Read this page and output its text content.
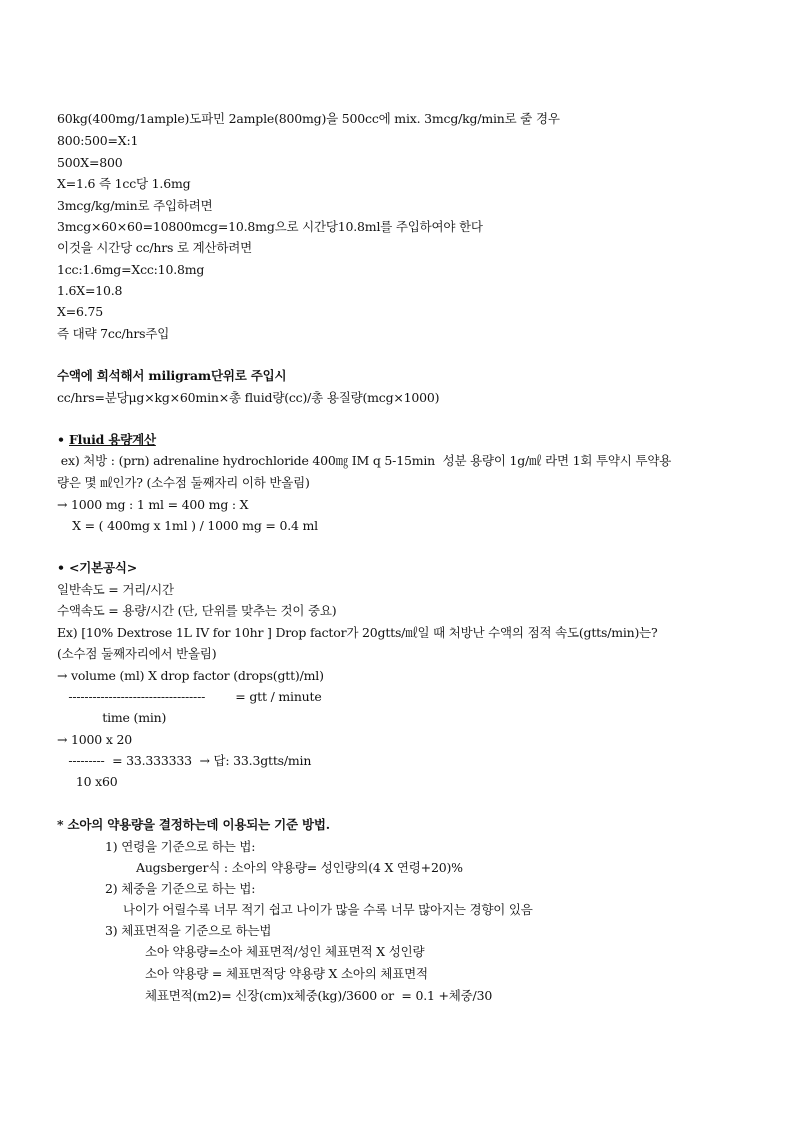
60kg(400mg/1ample)도파민 2ample(800mg)을 500cc에 mix. 3mcg/kg/min로 줄 경우
800:500=X:1
500X=800
X=1.6 즉 1cc당 1.6mg
3mcg/kg/min로 주입하려면
3mcg×60×60=10800mcg=10.8mg으로 시간당10.8ml를 주입하여야 한다
이것을 시간당 cc/hrs 로 계산하려면
1cc:1.6mg=Xcc:10.8mg
1.6X=10.8
X=6.75
즉 대략 7cc/hrs주입
수액에 희석해서 miligram단위로 주입시
cc/hrs=분당μg×kg×60min×총 fluid량(cc)/총 용질량(mcg×1000)
• Fluid 용량계산
ex) 처방 : (prn) adrenaline hydrochloride 400㎎ IM q 5-15min  성분 용량이 1g/㎖ 라면 1회 투약시 투약용
량은 몇 ㎖인가? (소수점 둘째자리 이하 반올림)
→ 1000 mg : 1 ml = 400 mg : X
X = ( 400mg x 1ml ) / 1000 mg = 0.4 ml
• <기본공식>
일반속도 = 거리/시간
수액속도 = 용량/시간 (단, 단위를 맞추는 것이 중요)
Ex) [10% Dextrose 1L IV for 10hr ] Drop factor가 20gtts/㎖일 때 처방난 수액의 점적 속도(gtts/min)는?
(소수점 둘째자리에서 반올림)
→ volume (ml) X drop factor (drops(gtt)/ml)
----------------------------------        = gtt / minute
time (min)
→ 1000 x 20
---------  = 33.333333  → 답: 33.3gtts/min
10 x60
* 소아의 약용량을 결정하는데 이용되는 기준 방법.
1) 연령을 기준으로 하는 법:
Augsberger식 : 소아의 약용량= 성인량의(4 X 연령+20)%
2) 체중을 기준으로 하는 법:
나이가 어릴수록 너무 적기 쉽고 나이가 많을 수록 너무 많아지는 경향이 있음
3) 체표면적을 기준으로 하는법
소아 약용량=소아 체표면적/성인 체표면적 X 성인량
소아 약용량 = 체표면적당 약용량 X 소아의 체표면적
체표면적(m2)= 신장(cm)x체중(kg)/3600 or  = 0.1 +체중/30
